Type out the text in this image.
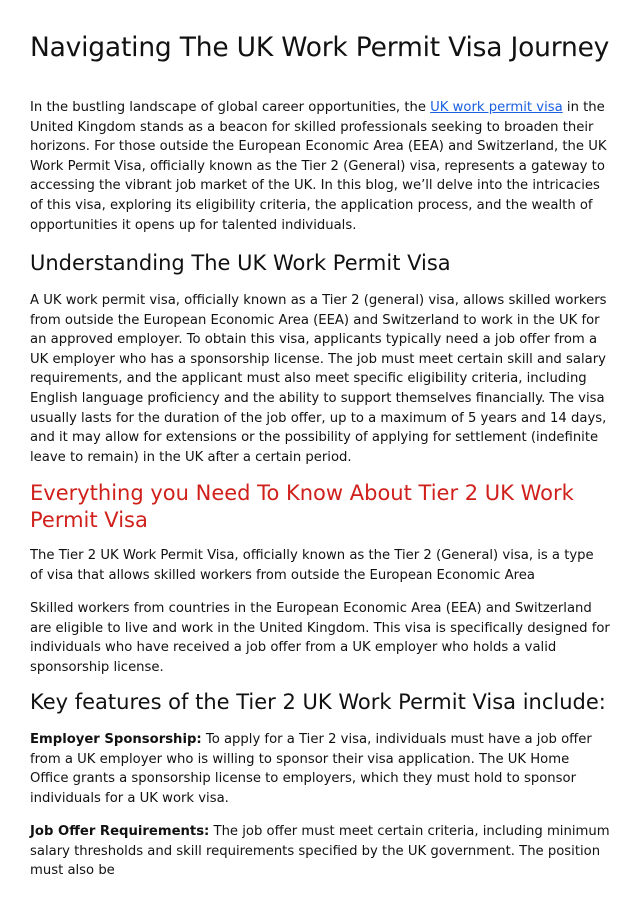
Navigating The UK Work Permit Visa Journey

In the bustling landscape of global career opportunities, the UK work permit visa in the United Kingdom stands as a beacon for skilled professionals seeking to broaden their horizons. For those outside the European Economic Area (EEA) and Switzerland, the UK Work Permit Visa, officially known as the Tier 2 (General) visa, represents a gateway to accessing the vibrant job market of the UK. In this blog, we’ll delve into the intricacies of this visa, exploring its eligibility criteria, the application process, and the wealth of opportunities it opens up for talented individuals.

Understanding The UK Work Permit Visa

A UK work permit visa, officially known as a Tier 2 (general) visa, allows skilled workers from outside the European Economic Area (EEA) and Switzerland to work in the UK for an approved employer. To obtain this visa, applicants typically need a job offer from a UK employer who has a sponsorship license. The job must meet certain skill and salary requirements, and the applicant must also meet specific eligibility criteria, including English language proficiency and the ability to support themselves financially. The visa usually lasts for the duration of the job offer, up to a maximum of 5 years and 14 days, and it may allow for extensions or the possibility of applying for settlement (indefinite leave to remain) in the UK after a certain period.

Everything you Need To Know About Tier 2 UK Work Permit Visa

The Tier 2 UK Work Permit Visa, officially known as the Tier 2 (General) visa, is a type of visa that allows skilled workers from outside the European Economic Area

Skilled workers from countries in the European Economic Area (EEA) and Switzerland are eligible to live and work in the United Kingdom. This visa is specifically designed for individuals who have received a job offer from a UK employer who holds a valid sponsorship license.

Key features of the Tier 2 UK Work Permit Visa include:

Employer Sponsorship: To apply for a Tier 2 visa, individuals must have a job offer from a UK employer who is willing to sponsor their visa application. The UK Home Office grants a sponsorship license to employers, which they must hold to sponsor individuals for a UK work visa.

Job Offer Requirements: The job offer must meet certain criteria, including minimum salary thresholds and skill requirements specified by the UK government. The position must also be
